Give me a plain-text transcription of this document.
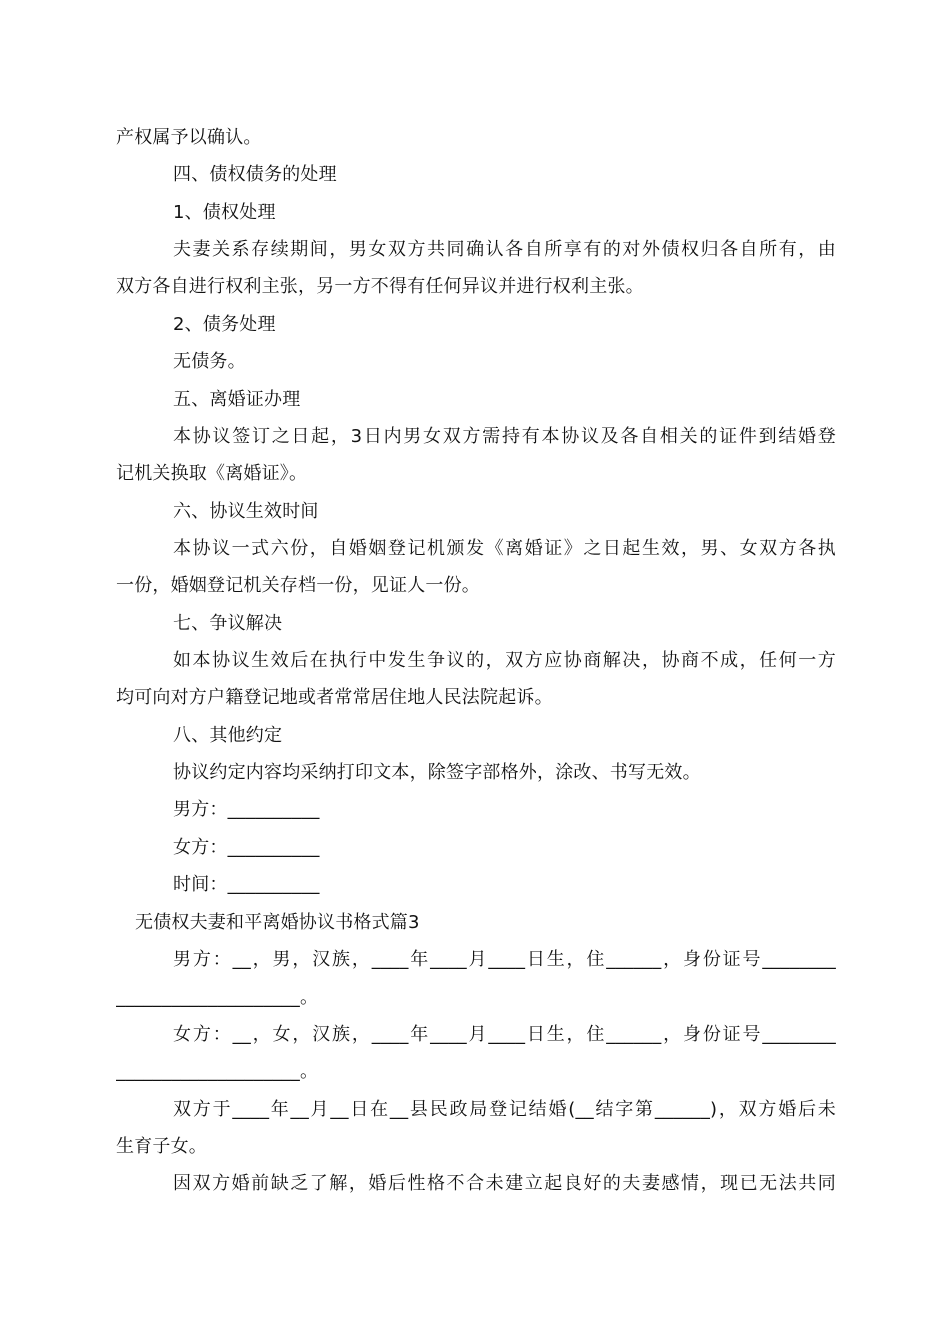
产权属予以确认。
四、债权债务的处理
1、债权处理
夫妻关系存续期间，男女双方共同确认各自所享有的对外债权归各自所有，由
双方各自进行权利主张，另一方不得有任何异议并进行权利主张。
2、债务处理
无债务。
五、离婚证办理
本协议签订之日起，3日内男女双方需持有本协议及各自相关的证件到结婚登
记机关换取《离婚证》。
六、协议生效时间
本协议一式六份，自婚姻登记机颁发《离婚证》之日起生效，男、女双方各执
一份，婚姻登记机关存档一份，见证人一份。
七、争议解决
如本协议生效后在执行中发生争议的，双方应协商解决，协商不成，任何一方
均可向对方户籍登记地或者常常居住地人民法院起诉。
八、其他约定
协议约定内容均采纳打印文本，除签字部格外，涂改、书写无效。
男方：__________
女方：__________
时间：__________
无债权夫妻和平离婚协议书格式篇3
男方：__，男，汉族，____年____月____日生，住______，身份证号________
____________________。
女方：__，女，汉族，____年____月____日生，住______，身份证号________
____________________。
双方于____年__月__日在__县民政局登记结婚(__结字第______)，双方婚后未
生育子女。
因双方婚前缺乏了解，婚后性格不合未建立起良好的夫妻感情，现已无法共同
